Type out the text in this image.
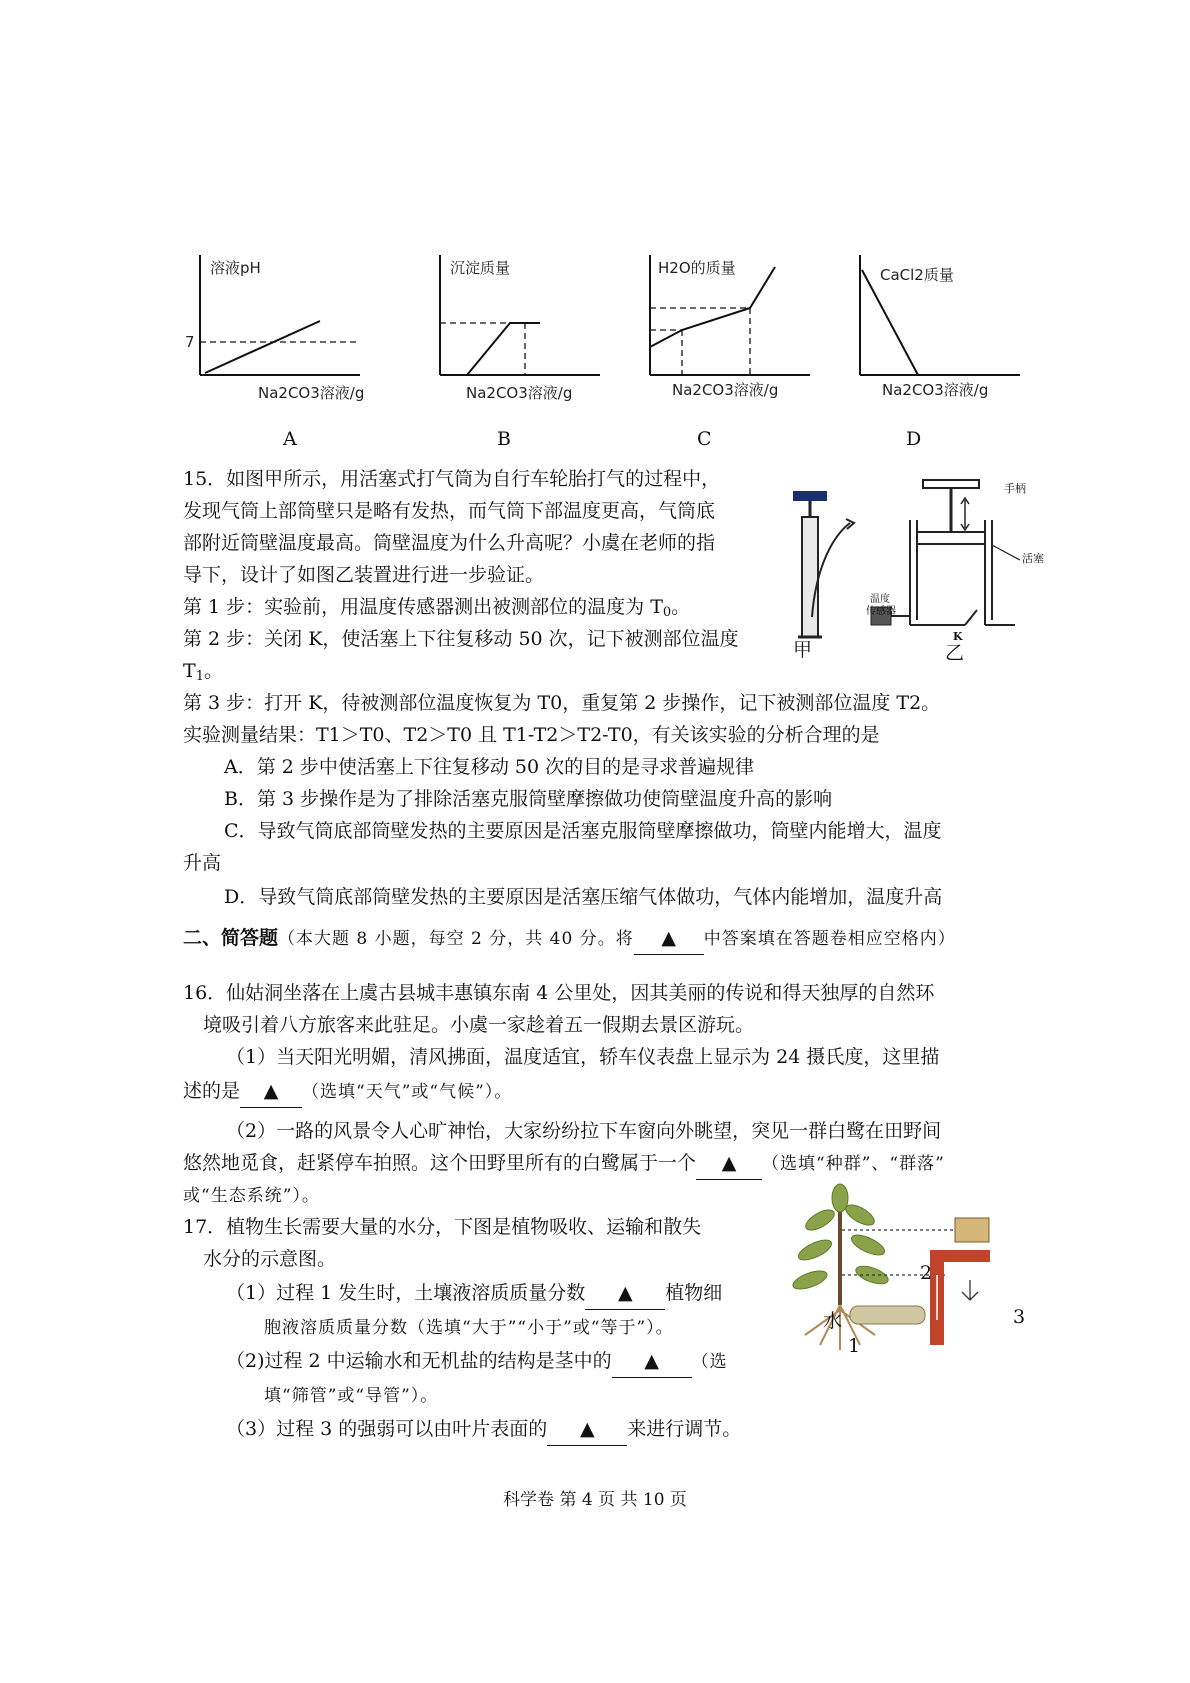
7
溶液pH
Na2CO3溶液/g
A
沉淀质量
Na2CO3溶液/g
B
H2O的质量
Na2CO3溶液/g
C
CaCl2质量
Na2CO3溶液/g
D
15．如图甲所示，用活塞式打气筒为自行车轮胎打气的过程中，
发现气筒上部筒壁只是略有发热，而气筒下部温度更高，气筒底
部附近筒壁温度最高。筒壁温度为什么升高呢？小虞在老师的指
导下，设计了如图乙装置进行进一步验证。
第 1 步：实验前，用温度传感器测出被测部位的温度为 $T_0$。
第 2 步：关闭 K，使活塞上下往复移动 50 次，记下被测部位温度
$T_1$。
第 3 步：打开 K，待被测部位温度恢复为 T0，重复第 2 步操作，记下被测部位温度 T2。
实验测量结果：T1＞T0、T2＞T0 且 T1-T2＞T2-T0，有关该实验的分析合理的是
A．第 2 步中使活塞上下往复移动 50 次的目的是寻求普遍规律
B．第 3 步操作是为了排除活塞克服筒壁摩擦做功使筒壁温度升高的影响
C．导致气筒底部筒壁发热的主要原因是活塞克服筒壁摩擦做功，筒壁内能增大，温度
升高
D．导致气筒底部筒壁发热的主要原因是活塞压缩气体做功，气体内能增加，温度升高
甲
手柄
活塞
温度
传感器
K
乙
二、简答题（本大题 8 小题，每空 2 分，共 40 分。将 ▲ 中答案填在答题卷相应空格内）
16．仙姑洞坐落在上虞古县城丰惠镇东南 4 公里处，因其美丽的传说和得天独厚的自然环
境吸引着八方旅客来此驻足。小虞一家趁着五一假期去景区游玩。
（1）当天阳光明媚，清风拂面，温度适宜，轿车仪表盘上显示为 24 摄氏度，这里描
述的是 ▲ （选填“天气”或“气候”）。
（2）一路的风景令人心旷神怡，大家纷纷拉下车窗向外眺望，突见一群白鹭在田野间
悠然地觅食，赶紧停车拍照。这个田野里所有的白鹭属于一个 ▲ （选填“种群”、“群落”
或“生态系统”）。
17．植物生长需要大量的水分，下图是植物吸收、运输和散失
水分的示意图。
（1）过程 1 发生时，土壤液溶质质量分数 ▲ 植物细
胞液溶质质量分数（选填“大于”“小于”或“等于”）。
（2)过程 2 中运输水和无机盐的结构是茎中的 ▲ （选
填“筛管”或“导管”）。
（3）过程 3 的强弱可以由叶片表面的 ▲ 来进行调节。
水
1
2
3
科学卷 第 4 页 共 10 页
